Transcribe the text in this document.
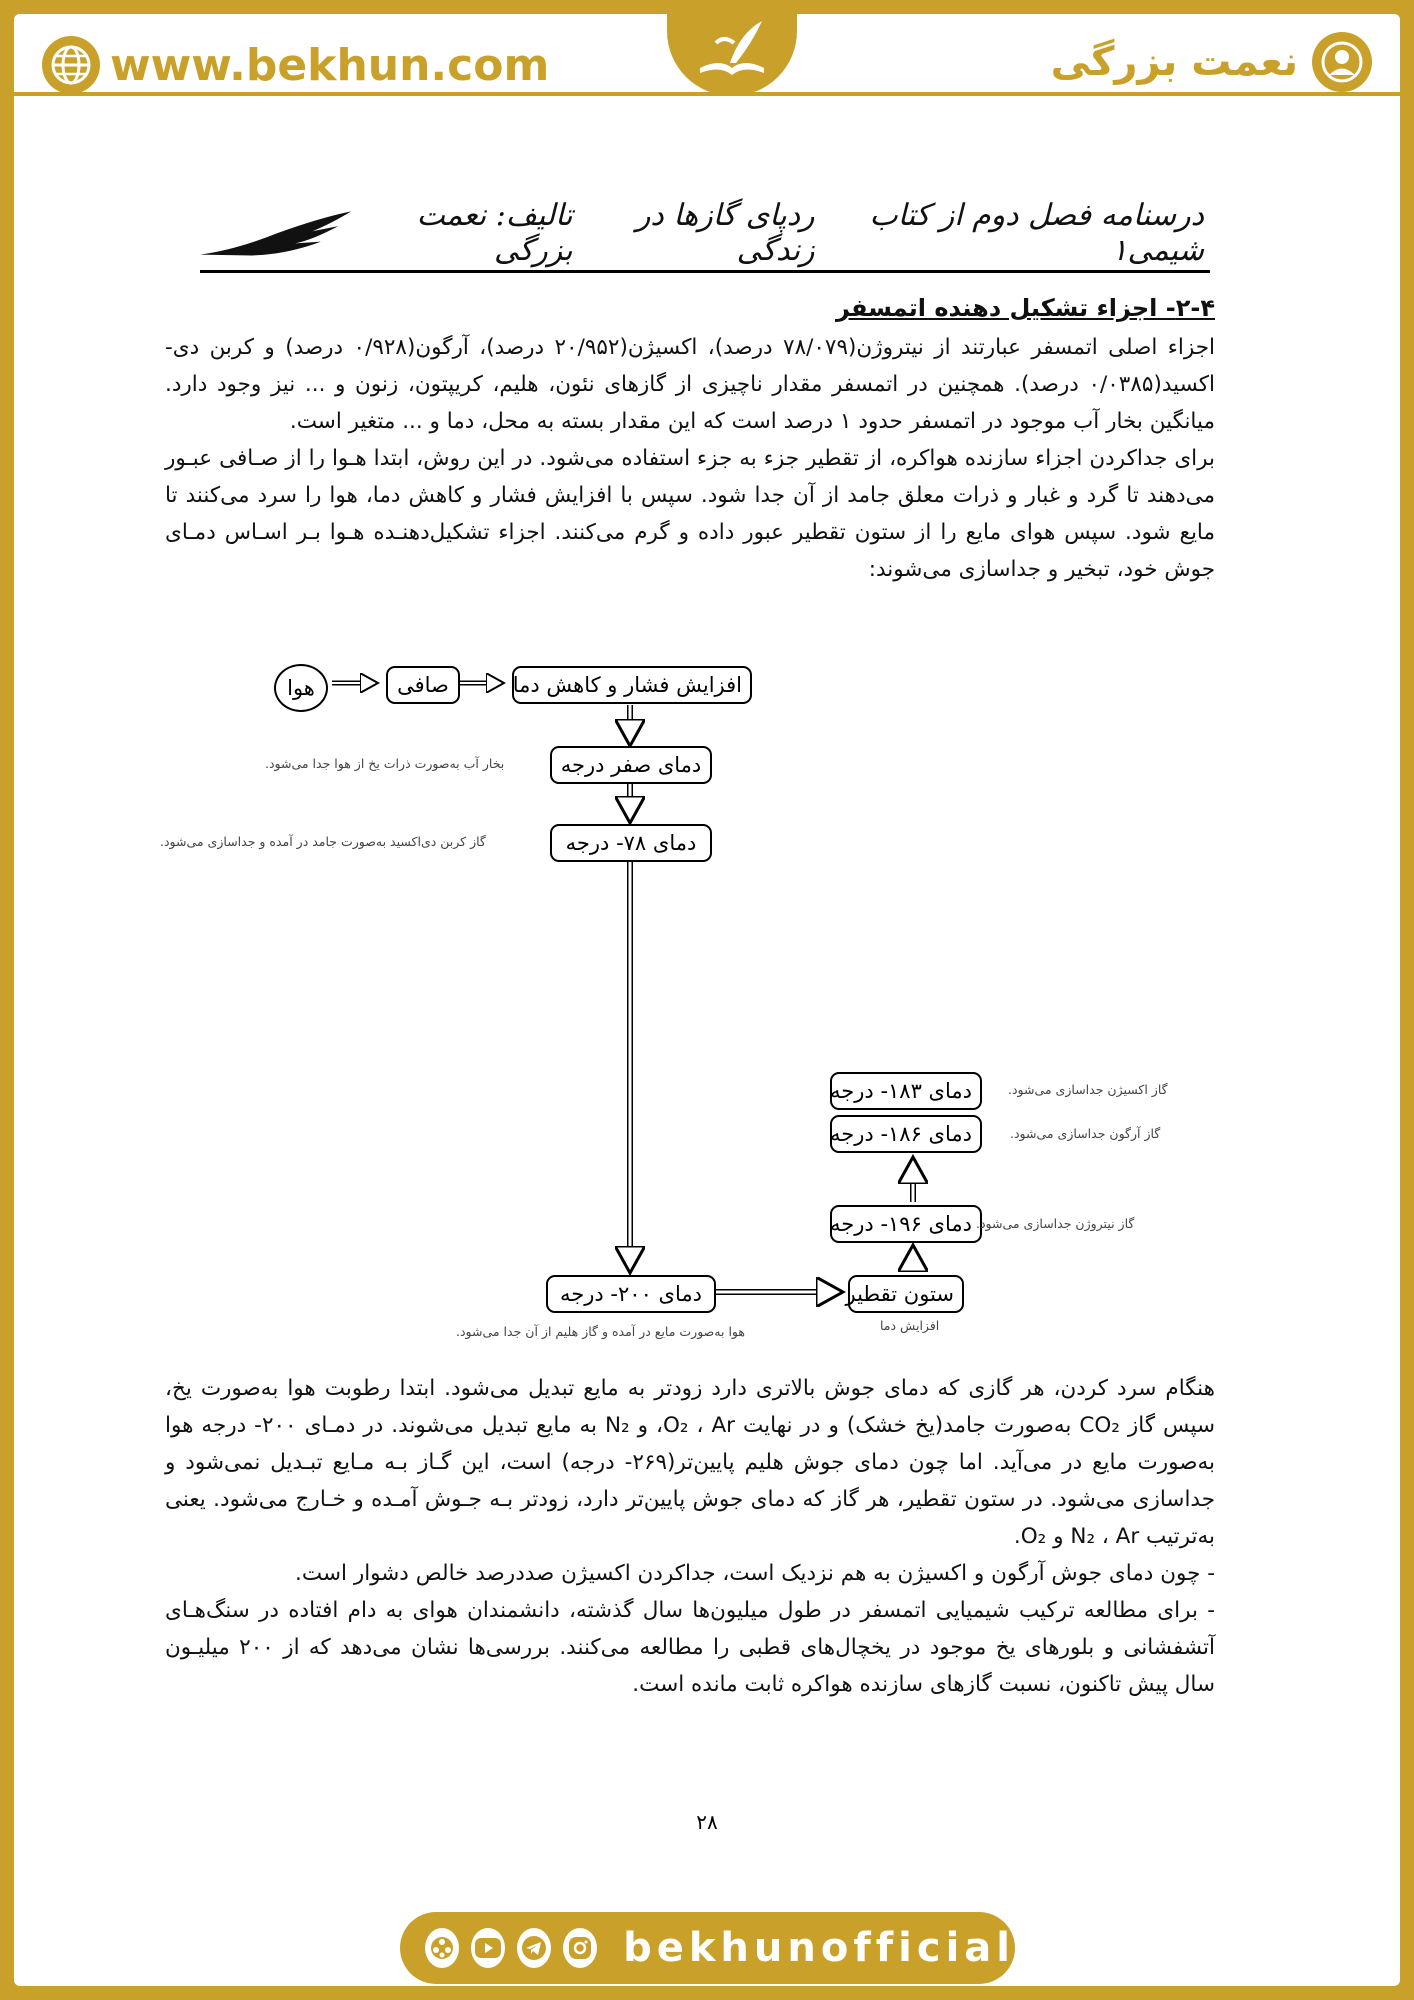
www.bekhun.com	نعمت بزرگی
درسنامه فصل دوم از کتاب شیمی۱
ردپای گازها در زندگی
تالیف: نعمت بزرگی
۲-۴- اجزاء تشکیل دهنده اتمسفر

اجزاء اصلی اتمسفر عبارتند از نیتروژن(۷۸/۰۷۹ درصد)، اکسیژن(۲۰/۹۵۲ درصد)، آرگون(۰/۹۲۸ درصد) و کربن دی-اکسید(۰/۰۳۸۵ درصد). همچنین در اتمسفر مقدار ناچیزی از گازهای نئون، هلیم، کریپتون، زنون و ... نیز وجود دارد. میانگین بخار آب موجود در اتمسفر حدود ۱ درصد است که این مقدار بسته به محل، دما و ... متغیر است.

برای جداکردن اجزاء سازنده هواکره، از تقطیر جزء به جزء استفاده می‌شود. در این روش، ابتدا هـوا را از صـافی عبـور می‌دهند تا گرد و غبار و ذرات معلق جامد از آن جدا شود. سپس با افزایش فشار و کاهش دما، هوا را سرد می‌کنند تا مایع شود. سپس هوای مایع را از ستون تقطیر عبور داده و گرم می‌کنند. اجزاء تشکیل‌دهنـده هـوا بـر اسـاس دمـای جوش خود، تبخیر و جداسازی می‌شوند:

هوا	صافی	افزایش فشار و کاهش دما
دمای صفر درجه
بخار آب به‌صورت ذرات یخ از هوا جدا می‌شود.
دمای ۷۸- درجه
گاز کربن دی‌اکسید به‌صورت جامد در آمده و جداسازی می‌شود.
دمای ۲۰۰- درجه
هوا به‌صورت مایع در آمده و گاز هلیم از آن جدا می‌شود.
ستون تقطیر
افزایش دما
دمای ۱۹۶- درجه گاز نیتروژن جداسازی می‌شود.
دمای ۱۸۶- درجه	گاز آرگون جداسازی می‌شود.
دمای ۱۸۳- درجه	گاز اکسیژن جداسازی می‌شود.

هنگام سرد کردن، هر گازی که دمای جوش بالاتری دارد زودتر به مایع تبدیل می‌شود. ابتدا رطوبت هوا به‌صورت یخ، سپس گاز CO₂ به‌صورت جامد(یخ خشک) و در نهایت O₂ ، Ar، و N₂ به مایع تبدیل می‌شوند. در دمـای ۲۰۰- درجه هوا به‌صورت مایع در می‌آید. اما چون دمای جوش هلیم پایین‌تر(۲۶۹- درجه) است، این گـاز بـه مـایع تبـدیل نمی‌شود و جداسازی می‌شود. در ستون تقطیر، هر گاز که دمای جوش پایین‌تر دارد، زودتر بـه جـوش آمـده و خـارج می‌شود. یعنی به‌ترتیب N₂ ، Ar و O₂.

- چون دمای جوش آرگون و اکسیژن به هم نزدیک است، جداکردن اکسیژن صددرصد خالص دشوار است.

- برای مطالعه ترکیب شیمیایی اتمسفر در طول میلیون‌ها سال گذشته، دانشمندان هوای به دام افتاده در سنگ‌هـای آتشفشانی و بلورهای یخ موجود در یخچال‌های قطبی را مطالعه می‌کنند. بررسی‌ها نشان می‌دهد که از ۲۰۰ میلیـون سال پیش تاکنون، نسبت گازهای سازنده هواکره ثابت مانده است.

۲۸
bekhunofficial
